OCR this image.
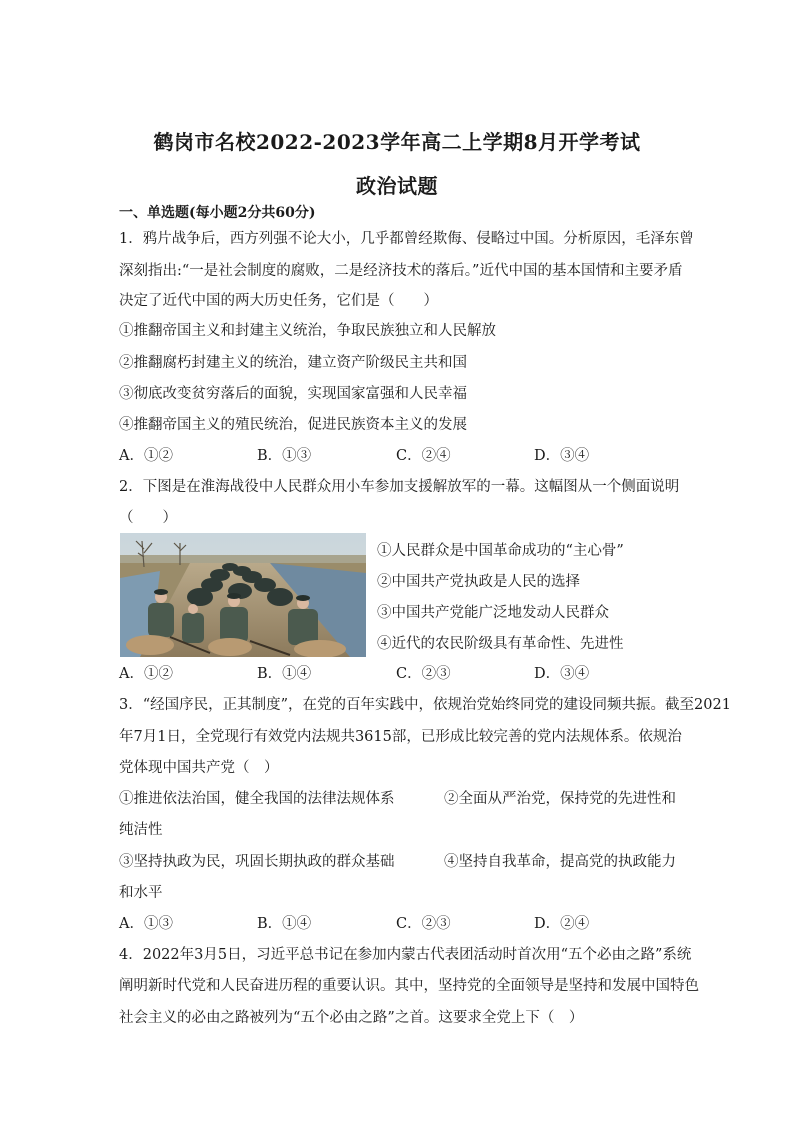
鹤岗市名校2022-2023学年高二上学期8月开学考试
政治试题
一、单选题(每小题2分共60分)
1．鸦片战争后，西方列强不论大小，几乎都曾经欺侮、侵略过中国。分析原因，毛泽东曾
深刻指出:“一是社会制度的腐败，二是经济技术的落后。”近代中国的基本国情和主要矛盾
决定了近代中国的两大历史任务，它们是（　　）
①推翻帝国主义和封建主义统治，争取民族独立和人民解放
②推翻腐朽封建主义的统治，建立资产阶级民主共和国
③彻底改变贫穷落后的面貌，实现国家富强和人民幸福
④推翻帝国主义的殖民统治，促进民族资本主义的发展
A．①②	B．①③	C．②④	D．③④
2．下图是在淮海战役中人民群众用小车参加支援解放军的一幕。这幅图从一个侧面说明
（　　）
①人民群众是中国革命成功的“主心骨”
②中国共产党执政是人民的选择
③中国共产党能广泛地发动人民群众
④近代的农民阶级具有革命性、先进性
A．①②	B．①④	C．②③	D．③④
3．“经国序民，正其制度”，在党的百年实践中，依规治党始终同党的建设同频共振。截至2021
年7月1日，全党现行有效党内法规共3615部，已形成比较完善的党内法规体系。依规治
党体现中国共产党（　）
①推进依法治国，健全我国的法律法规体系	②全面从严治党，保持党的先进性和
纯洁性
③坚持执政为民，巩固长期执政的群众基础	④坚持自我革命，提高党的执政能力
和水平
A．①③	B．①④	C．②③	D．②④
4．2022年3月5日，习近平总书记在参加内蒙古代表团活动时首次用“五个必由之路”系统
阐明新时代党和人民奋进历程的重要认识。其中，坚持党的全面领导是坚持和发展中国特色
社会主义的必由之路被列为“五个必由之路”之首。这要求全党上下（　）
